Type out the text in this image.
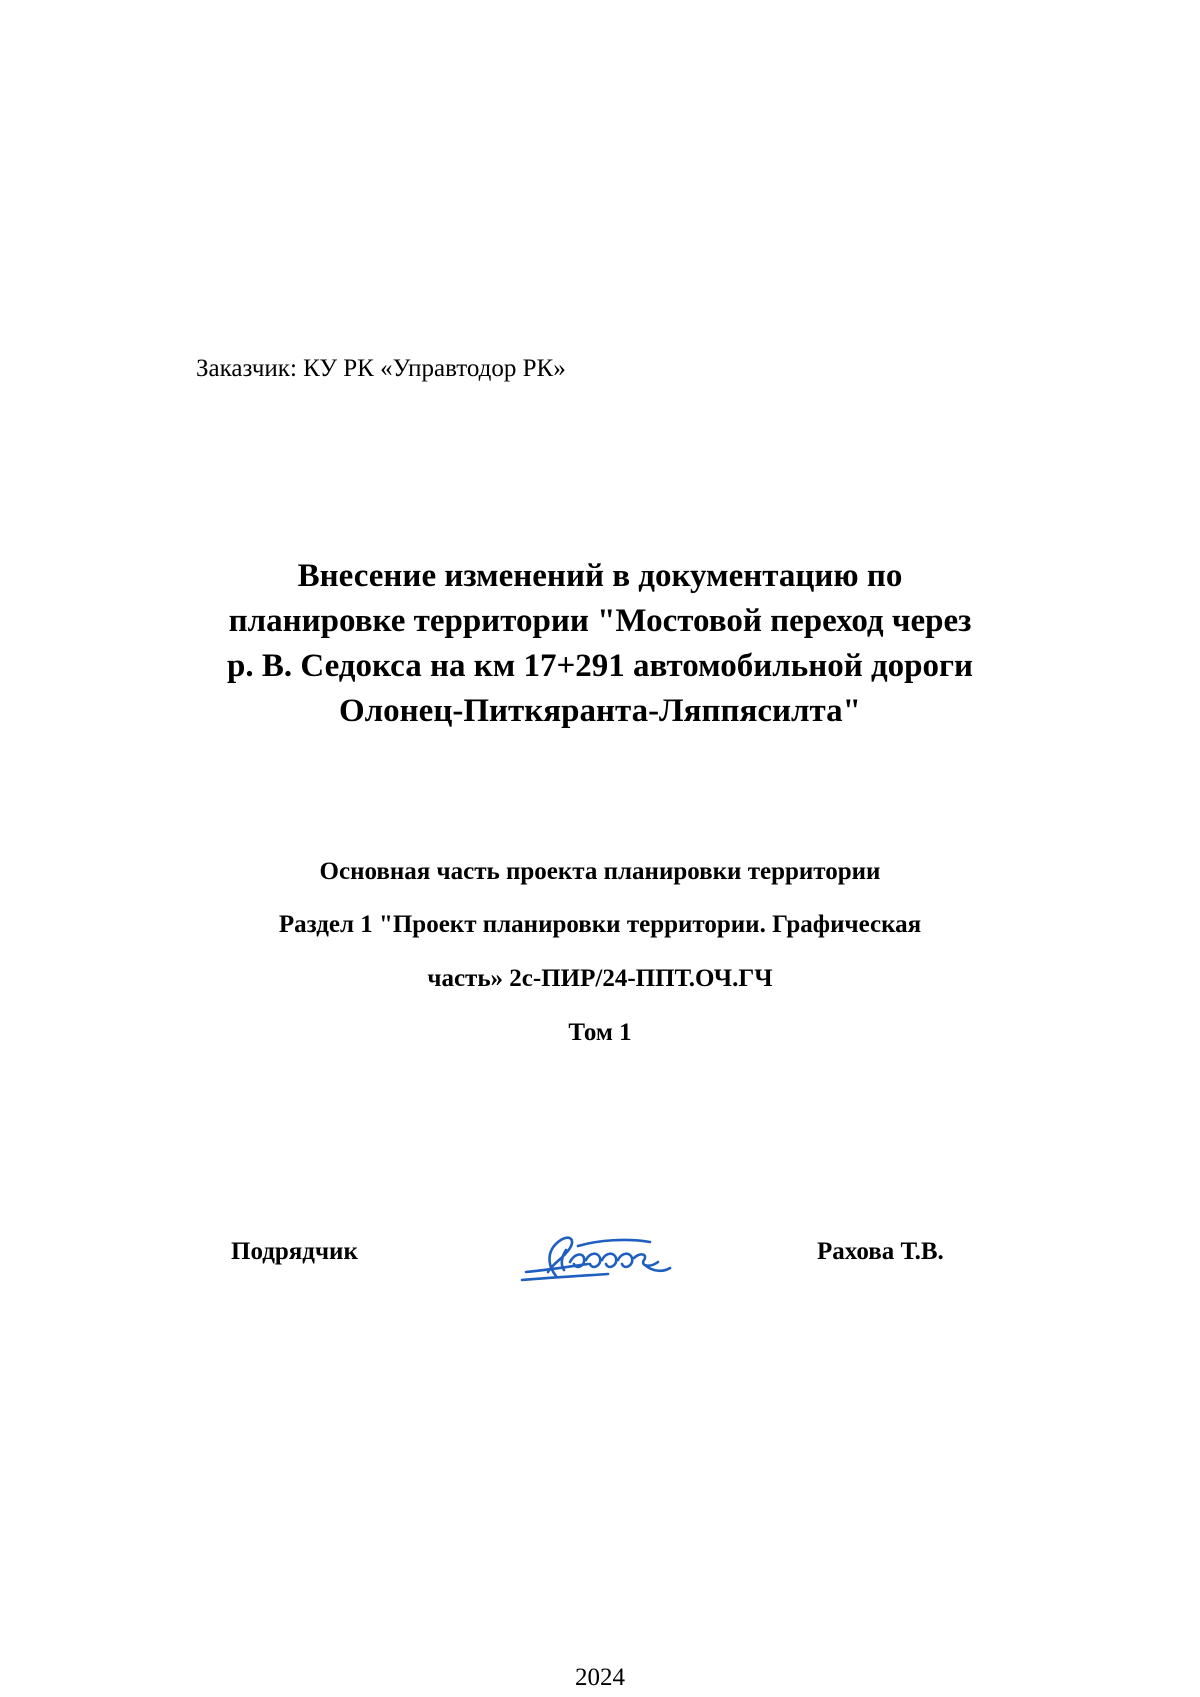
Заказчик: КУ РК «Управтодор РК»
Внесение изменений в документацию по
планировке территории "Мостовой переход через
р. В. Седокса на км 17+291 автомобильной дороги
Олонец-Питкяранта-Ляппясилта"
Основная часть проекта планировки территории
Раздел 1 "Проект планировки территории. Графическая
часть» 2с-ПИР/24-ППТ.ОЧ.ГЧ
Том 1
Подрядчик	Рахова Т.В.
2024
